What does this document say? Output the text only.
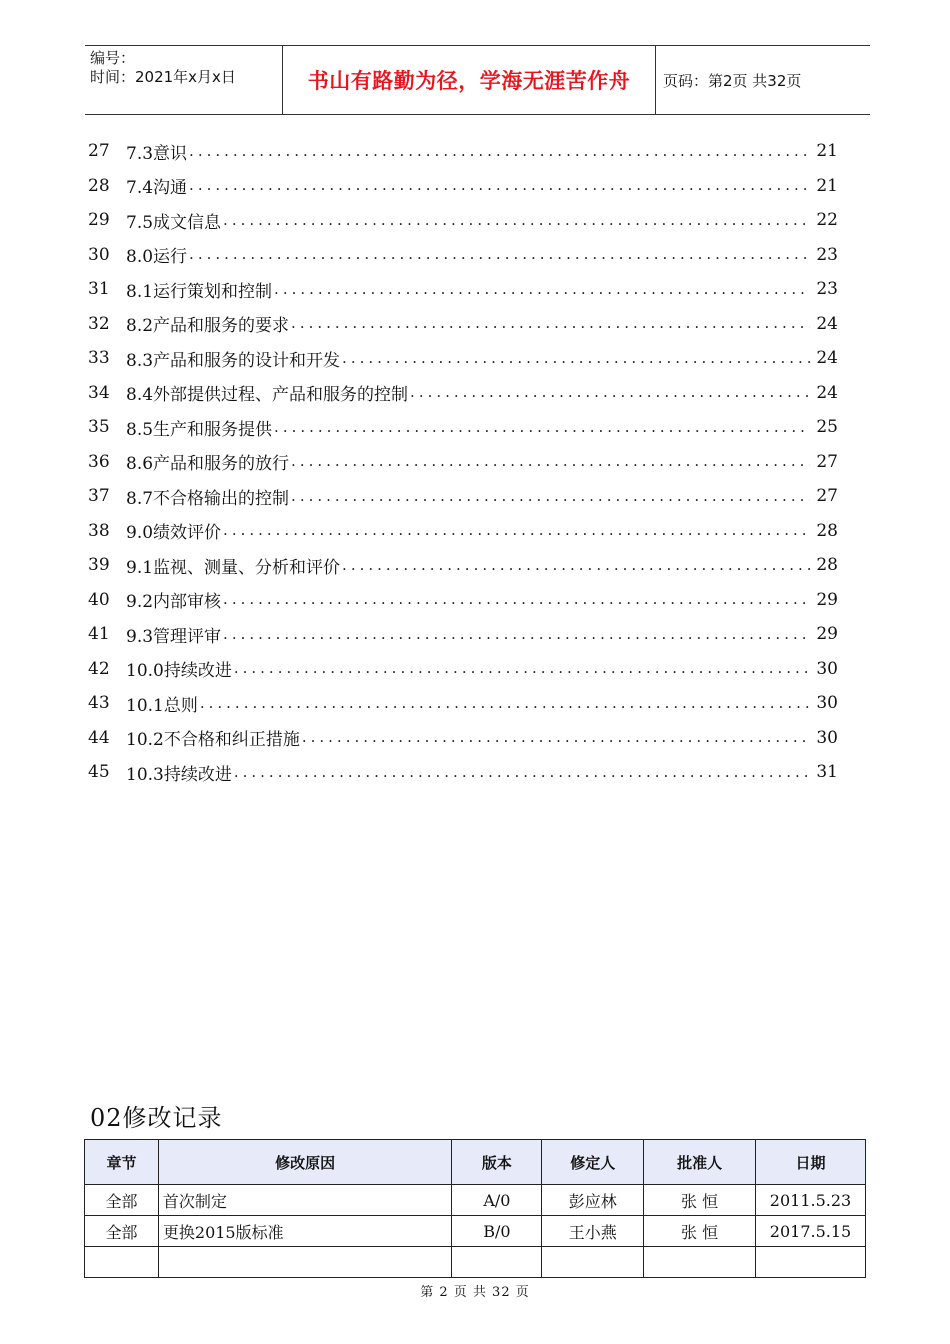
编号：
时间：2021年x月x日	书山有路勤为径，学海无涯苦作舟	页码：第2页 共32页
27 7.3意识 .....	21
28 7.4沟通 .....	21
29 7.5成文信息 .....	22
30 8.0运行 .....	23
31 8.1运行策划和控制 .....	23
32 8.2产品和服务的要求 .....	24
33 8.3产品和服务的设计和开发 .....	24
34 8.4外部提供过程、产品和服务的控制 .....	24
35 8.5生产和服务提供 .....	25
36 8.6产品和服务的放行 .....	27
37 8.7不合格输出的控制 .....	27
38 9.0绩效评价 .....	28
39 9.1监视、测量、分析和评价 .....	28
40 9.2内部审核 .....	29
41 9.3管理评审 .....	29
42 10.0持续改进 .....	30
43 10.1总则 .....	30
44 10.2不合格和纠正措施 .....	30
45 10.3持续改进 .....	31
02修改记录
章节	修改原因	版本	修定人	批准人	日期
全部	首次制定	A/0	彭应林	张 恒	2011.5.23
全部	更换2015版标准	B/0	王小燕	张 恒	2017.5.15

第 2 页 共 32 页
